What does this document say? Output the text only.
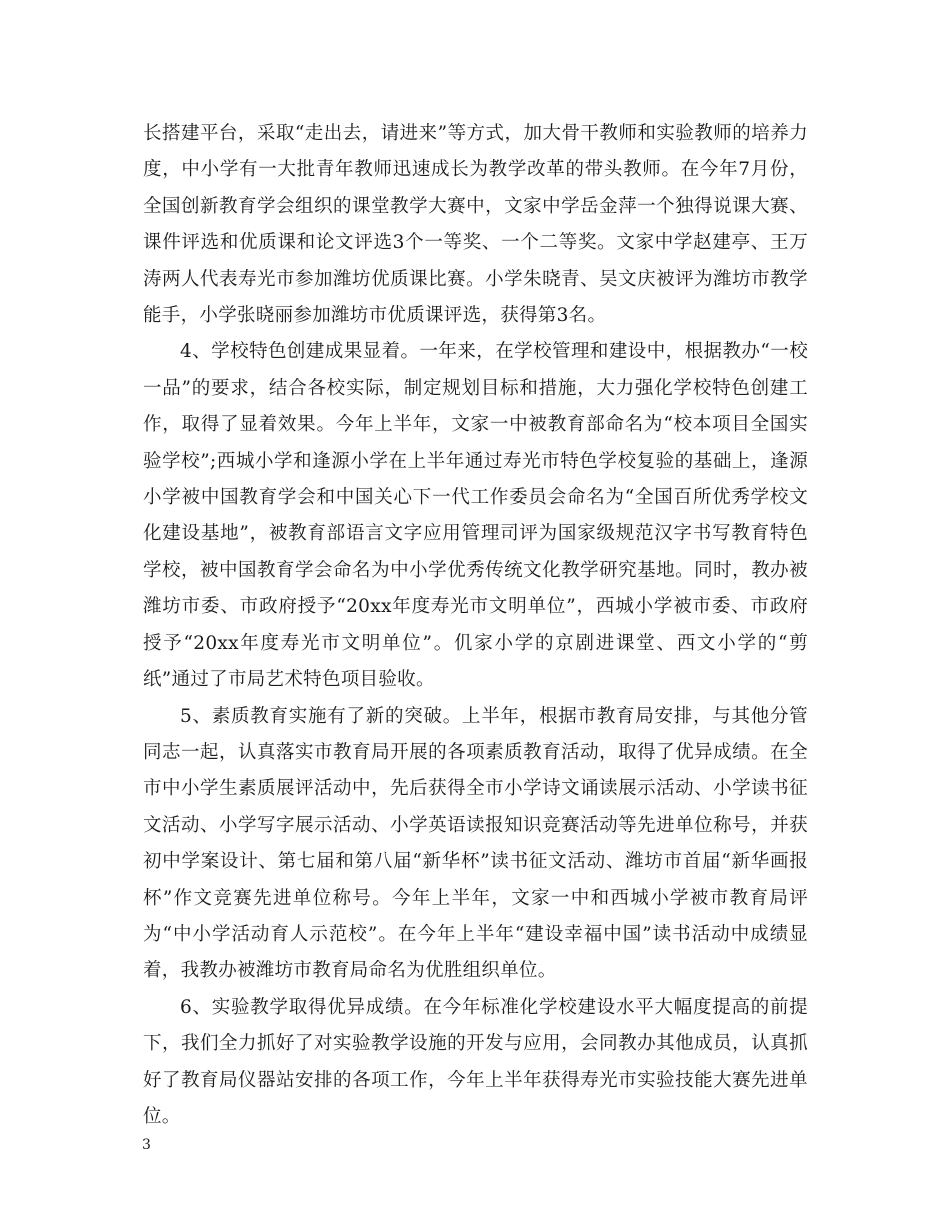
长搭建平台，采取“走出去，请进来”等方式，加大骨干教师和实验教师的培养力度，中小学有一大批青年教师迅速成长为教学改革的带头教师。在今年7月份，全国创新教育学会组织的课堂教学大赛中，文家中学岳金萍一个独得说课大赛、课件评选和优质课和论文评选3个一等奖、一个二等奖。文家中学赵建亭、王万涛两人代表寿光市参加潍坊优质课比赛。小学朱晓青、吴文庆被评为潍坊市教学能手，小学张晓丽参加潍坊市优质课评选，获得第3名。

4、学校特色创建成果显着。一年来，在学校管理和建设中，根据教办“一校一品”的要求，结合各校实际，制定规划目标和措施，大力强化学校特色创建工作，取得了显着效果。今年上半年，文家一中被教育部命名为“校本项目全国实验学校”;西城小学和逢源小学在上半年通过寿光市特色学校复验的基础上，逢源小学被中国教育学会和中国关心下一代工作委员会命名为“全国百所优秀学校文化建设基地”，被教育部语言文字应用管理司评为国家级规范汉字书写教育特色学校，被中国教育学会命名为中小学优秀传统文化教学研究基地。同时，教办被潍坊市委、市政府授予“20xx年度寿光市文明单位”，西城小学被市委、市政府授予“20xx年度寿光市文明单位”。仉家小学的京剧进课堂、西文小学的“剪纸”通过了市局艺术特色项目验收。

5、素质教育实施有了新的突破。上半年，根据市教育局安排，与其他分管同志一起，认真落实市教育局开展的各项素质教育活动，取得了优异成绩。在全市中小学生素质展评活动中，先后获得全市小学诗文诵读展示活动、小学读书征文活动、小学写字展示活动、小学英语读报知识竞赛活动等先进单位称号，并获初中学案设计、第七届和第八届“新华杯”读书征文活动、潍坊市首届“新华画报杯”作文竞赛先进单位称号。今年上半年，文家一中和西城小学被市教育局评为“中小学活动育人示范校”。在今年上半年“建设幸福中国”读书活动中成绩显着，我教办被潍坊市教育局命名为优胜组织单位。

6、实验教学取得优异成绩。在今年标准化学校建设水平大幅度提高的前提下，我们全力抓好了对实验教学设施的开发与应用，会同教办其他成员，认真抓好了教育局仪器站安排的各项工作，今年上半年获得寿光市实验技能大赛先进单位。

3
